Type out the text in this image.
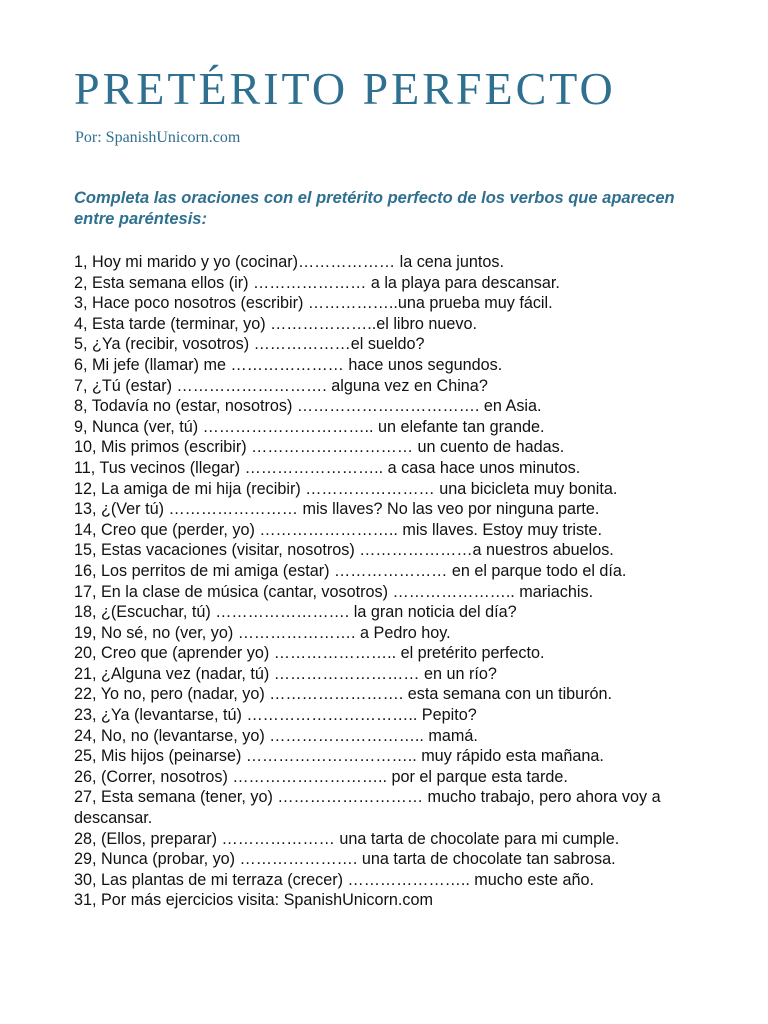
PRETÉRITO PERFECTO
Por: SpanishUnicorn.com

Completa las oraciones con el pretérito perfecto de los verbos que aparecen entre paréntesis:

1, Hoy mi marido y yo (cocinar)……………… la cena juntos.
2, Esta semana ellos (ir) ………………… a la playa para descansar.
3, Hace poco nosotros (escribir) ……………..una prueba muy fácil.
4, Esta tarde (terminar, yo) ………………..el libro nuevo.
5, ¿Ya (recibir, vosotros) ………………el sueldo?
6, Mi jefe (llamar) me ………………… hace unos segundos.
7, ¿Tú (estar) ………………………. alguna vez en China?
8, Todavía no (estar, nosotros) ……………………………. en Asia.
9, Nunca (ver, tú) ………………………….. un elefante tan grande.
10, Mis primos (escribir) ………………………… un cuento de hadas.
11, Tus vecinos (llegar) …………………….. a casa hace unos minutos.
12, La amiga de mi hija (recibir) …………………… una bicicleta muy bonita.
13, ¿(Ver tú) …………………… mis llaves? No las veo por ninguna parte.
14, Creo que (perder, yo) …………………….. mis llaves. Estoy muy triste.
15, Estas vacaciones (visitar, nosotros) …………………a nuestros abuelos.
16, Los perritos de mi amiga (estar) ………………… en el parque todo el día.
17, En la clase de música (cantar, vosotros) ………………….. mariachis.
18, ¿(Escuchar, tú) ……………………. la gran noticia del día?
19, No sé, no (ver, yo) …………………. a Pedro hoy.
20, Creo que (aprender yo) ………………….. el pretérito perfecto.
21, ¿Alguna vez (nadar, tú) ……………………… en un río?
22, Yo no, pero (nadar, yo) ……………………. esta semana con un tiburón.
23, ¿Ya (levantarse, tú) ………………………….. Pepito?
24, No, no (levantarse, yo) ……………………….. mamá.
25, Mis hijos (peinarse) ………………………….. muy rápido esta mañana.
26, (Correr, nosotros) ……………………….. por el parque esta tarde.
27, Esta semana (tener, yo) ……………………… mucho trabajo, pero ahora voy a descansar.
28, (Ellos, preparar) ………………… una tarta de chocolate para mi cumple.
29, Nunca (probar, yo) …………………. una tarta de chocolate tan sabrosa.
30, Las plantas de mi terraza (crecer) ………………….. mucho este año.
31, Por más ejercicios visita: SpanishUnicorn.com
